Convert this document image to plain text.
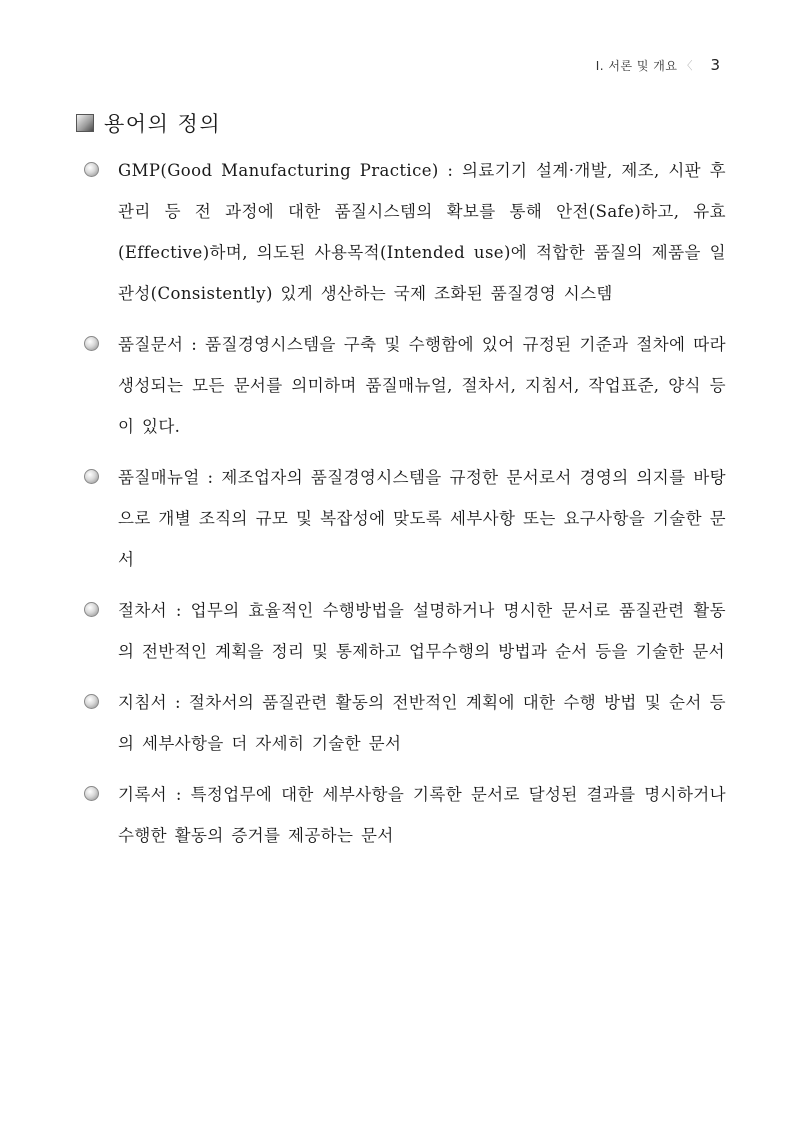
Ⅰ. 서론 및 개요 〈 3
용어의 정의

GMP(Good Manufacturing Practice) : 의료기기 설계·개발, 제조, 시판 후 관리 등 전 과정에 대한 품질시스템의 확보를 통해 안전(Safe)하고, 유효(Effective)하며, 의도된 사용목적(Intended use)에 적합한 품질의 제품을 일관성(Consistently) 있게 생산하는 국제 조화된 품질경영 시스템

품질문서 : 품질경영시스템을 구축 및 수행함에 있어 규정된 기준과 절차에 따라 생성되는 모든 문서를 의미하며 품질매뉴얼, 절차서, 지침서, 작업표준, 양식 등이 있다.

품질매뉴얼 : 제조업자의 품질경영시스템을 규정한 문서로서 경영의 의지를 바탕으로 개별 조직의 규모 및 복잡성에 맞도록 세부사항 또는 요구사항을 기술한 문서

절차서 : 업무의 효율적인 수행방법을 설명하거나 명시한 문서로 품질관련 활동의 전반적인 계획을 정리 및 통제하고 업무수행의 방법과 순서 등을 기술한 문서

지침서 : 절차서의 품질관련 활동의 전반적인 계획에 대한 수행 방법 및 순서 등의 세부사항을 더 자세히 기술한 문서

기록서 : 특정업무에 대한 세부사항을 기록한 문서로 달성된 결과를 명시하거나 수행한 활동의 증거를 제공하는 문서
